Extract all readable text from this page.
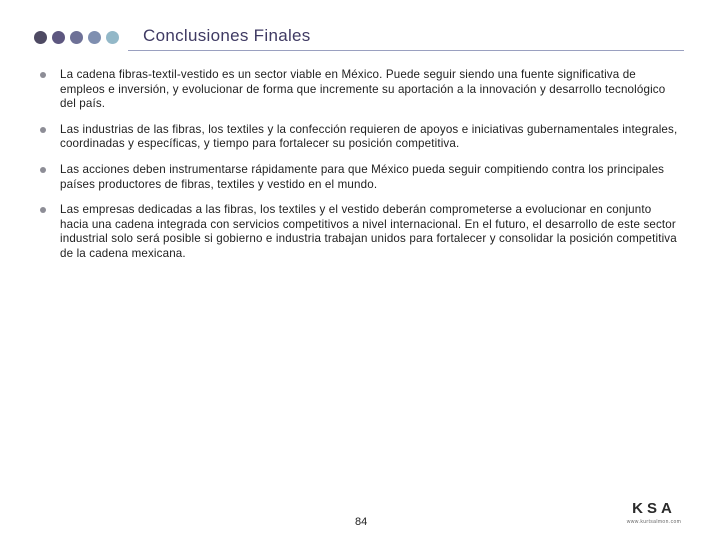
Conclusiones Finales
La cadena fibras-textil-vestido es un sector viable en México. Puede seguir siendo una fuente significativa de empleos e inversión, y evolucionar de forma que incremente su aportación a la innovación y desarrollo tecnológico del país.
Las industrias de las fibras, los textiles y la confección requieren de apoyos e iniciativas gubernamentales integrales, coordinadas y específicas, y tiempo para fortalecer su posición competitiva.
Las acciones deben instrumentarse rápidamente para que México pueda seguir compitiendo contra los principales países productores de fibras, textiles y vestido en el mundo.
Las empresas dedicadas a las fibras, los textiles y el vestido deberán comprometerse a evolucionar en conjunto hacia una cadena integrada con servicios competitivos a nivel internacional. En el futuro, el desarrollo de este sector industrial solo será posible si gobierno e industria trabajan unidos para fortalecer y consolidar la posición competitiva de la cadena mexicana.
84
KSA
www.kurtsalmon.com
